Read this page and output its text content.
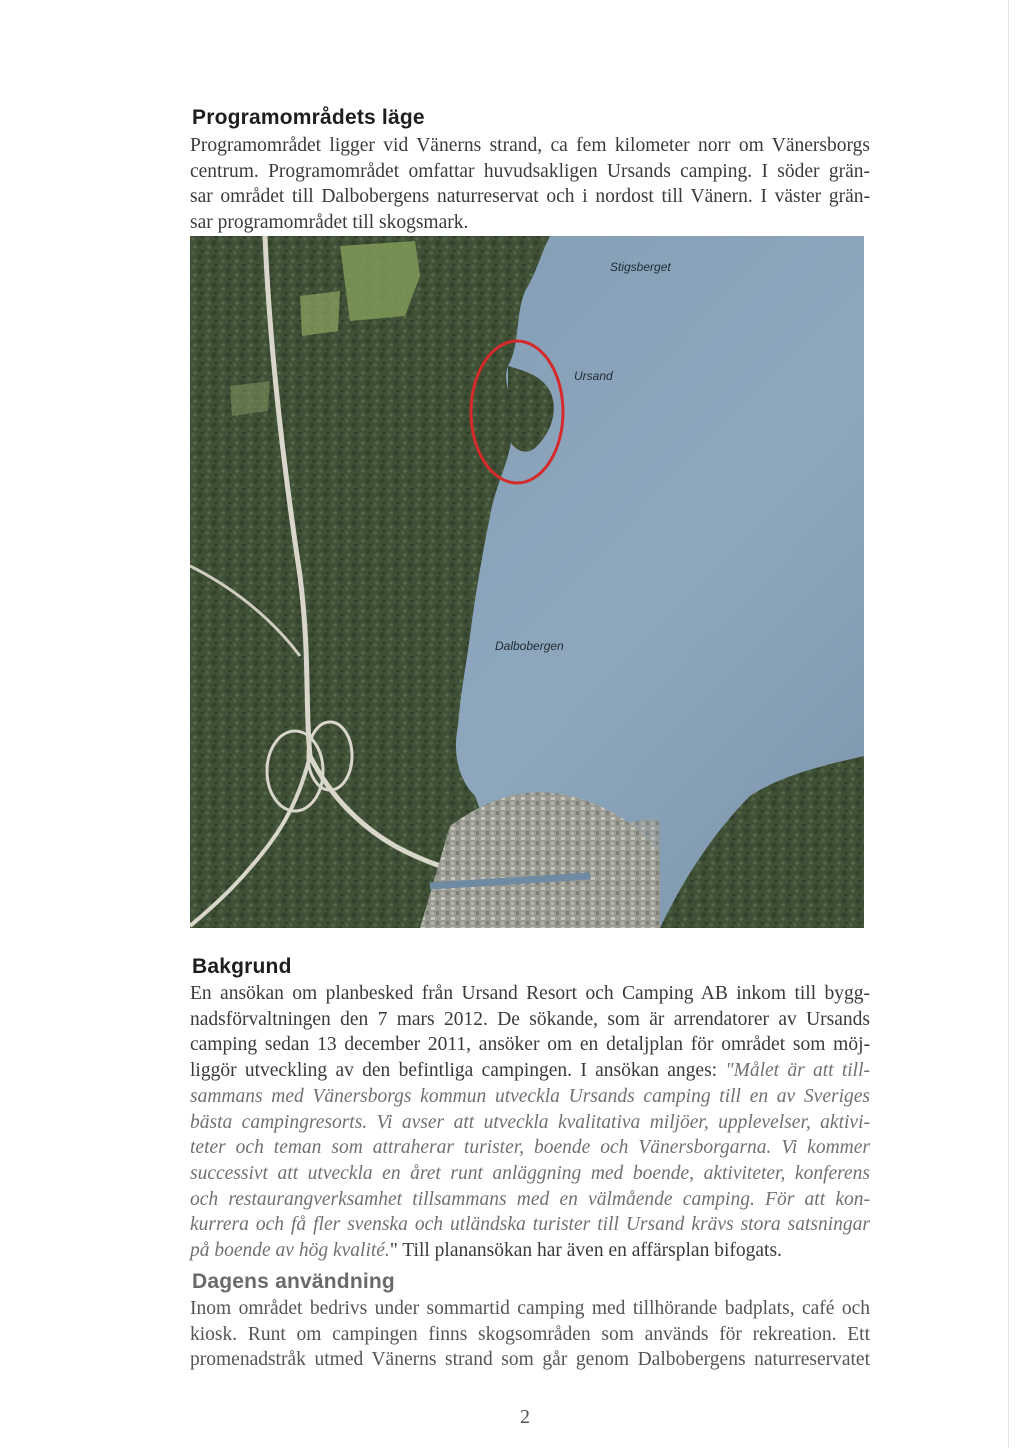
Programområdets läge

Programområdet ligger vid Vänerns strand, ca fem kilometer norr om Vänersborgs
centrum. Programområdet omfattar huvudsakligen Ursands camping. I söder grän-
sar området till Dalbobergens naturreservat och i nordost till Vänern. I väster grän-
sar programområdet till skogsmark.

Stigsberget
Ursand
Dalbobergen
Bakgrund

En ansökan om planbesked från Ursand Resort och Camping AB inkom till bygg-
nadsförvaltningen den 7 mars 2012. De sökande, som är arrendatorer av Ursands
camping sedan 13 december 2011, ansöker om en detaljplan för området som möj-
liggör utveckling av den befintliga campingen. I ansökan anges: "Målet är att till-
sammans med Vänersborgs kommun utveckla Ursands camping till en av Sveriges
bästa campingresorts. Vi avser att utveckla kvalitativa miljöer, upplevelser, aktivi-
teter och teman som attraherar turister, boende och Vänersborgarna. Vi kommer
successivt att utveckla en året runt anläggning med boende, aktiviteter, konferens
och restaurangverksamhet tillsammans med en välmående camping. För att kon-
kurrera och få fler svenska och utländska turister till Ursand krävs stora satsningar
på boende av hög kvalité." Till planansökan har även en affärsplan bifogats.

Dagens användning

Inom området bedrivs under sommartid camping med tillhörande badplats, café och
kiosk. Runt om campingen finns skogsområden som används för rekreation. Ett
promenadstråk utmed Vänerns strand som går genom Dalbobergens naturreservatet

2
